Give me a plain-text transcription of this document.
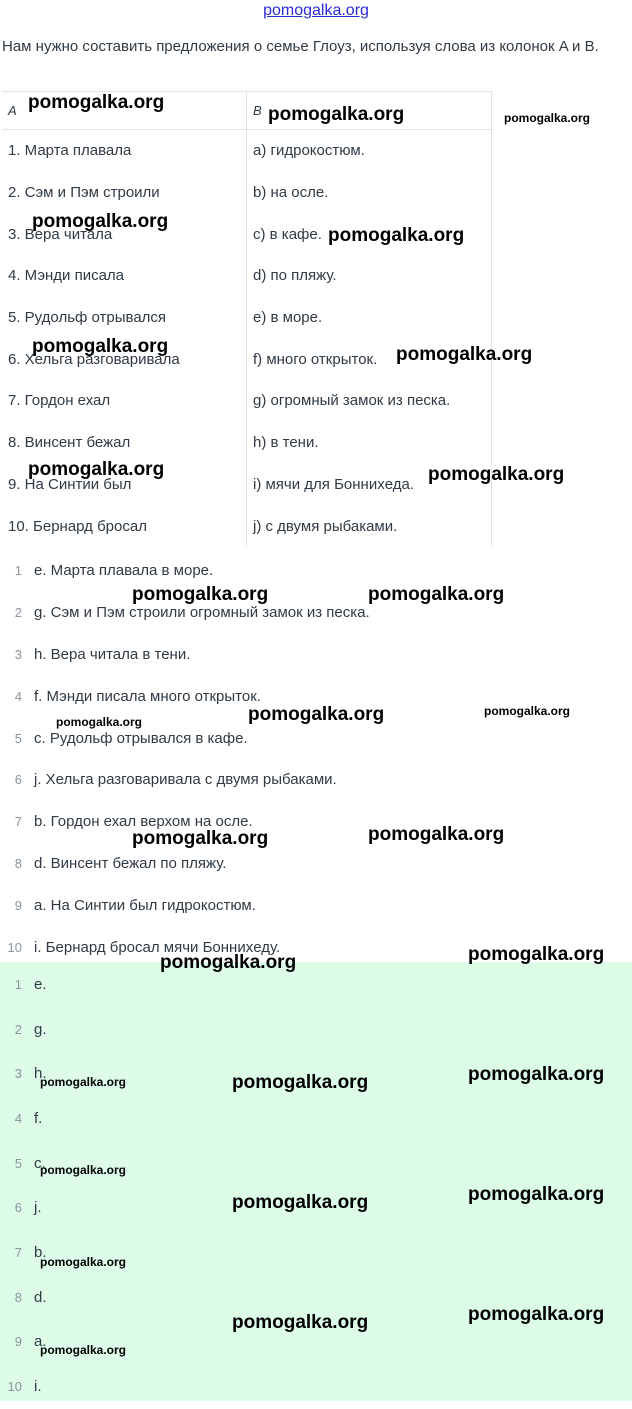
pomogalka.org

Нам нужно составить предложения о семье Глоуз, используя слова из колонок A и B.

A	B
1. Марта плавала	a) гидрокостюм.
2. Сэм и Пэм строили	b) на осле.
3. Вера читала	c) в кафе.
4. Мэнди писала	d) по пляжу.
5. Рудольф отрывался	e) в море.
6. Хельга разговаривала	f) много открыток.
7. Гордон ехал	g) огромный замок из песка.
8. Винсент бежал	h) в тени.
9. На Синтии был	i) мячи для Бонниxеда.
10. Бернард бросал	j) с двумя рыбаками.
1 e. Марта плавала в море.
2 g. Сэм и Пэм строили огромный замок из песка.
3 h. Вера читала в тени.
4 f. Мэнди писала много открыток.
5 c. Рудольф отрывался в кафе.
6 j. Хельга разговаривала с двумя рыбаками.
7 b. Гордон ехал верхом на осле.
8 d. Винсент бежал по пляжу.
9 a. На Синтии был гидрокостюм.
10 i. Бернард бросал мячи Бонниxеду.
1 e.
2 g.
3 h.
4 f.
5 c.
6 j.
7 b.
8 d.
9 a.
10 i.
pomogalka.org
pomogalka.org	pomogalka.org
pomogalka.org
pomogalka.org
pomogalka.org	pomogalka.org
pomogalka.org	pomogalka.org
pomogalka.org	pomogalka.org
pomogalka.org
pomogalka.org
pomogalka.org
pomogalka.org	pomogalka.org
pomogalka.org	pomogalka.org
pomogalka.org	pomogalka.org
pomogalka.org
pomogalka.org
pomogalka.org	pomogalka.org
pomogalka.org
pomogalka.org	pomogalka.org
pomogalka.org
